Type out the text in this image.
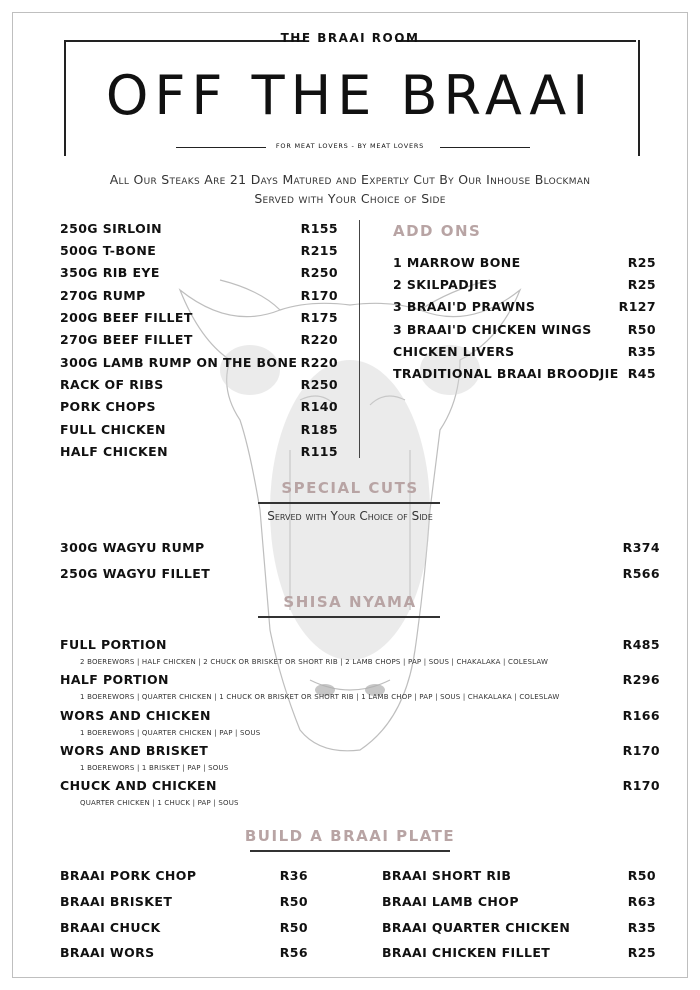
THE BRAAI ROOM
OFF THE BRAAI
FOR MEAT LOVERS - BY MEAT LOVERS
All Our Steaks Are 21 Days Matured and Expertly Cut By Our Inhouse Blockman
Served with Your Choice of Side
250G SIRLOIN	R155
500G T-BONE	R215
350G RIB EYE	R250
270G RUMP	R170
200G BEEF FILLET	R175
270G BEEF FILLET	R220
300G LAMB RUMP ON THE BONE R220
RACK OF RIBS	R250
PORK CHOPS	R140
FULL CHICKEN	R185
HALF CHICKEN	R115
ADD ONS
1 MARROW BONE	R25
2 SKILPADJIES	R25
3 BRAAI'D PRAWNS	R127
3 BRAAI'D CHICKEN WINGS	R50
CHICKEN LIVERS	R35
TRADITIONAL BRAAI BROODJIE R45
SPECIAL CUTS
Served with Your Choice of Side
300G WAGYU RUMP	R374
250G WAGYU FILLET	R566
SHISA NYAMA
FULL PORTION	R485
2 BOEREWORS | HALF CHICKEN | 2 CHUCK OR BRISKET OR SHORT RIB | 2 LAMB CHOPS | PAP | SOUS | CHAKALAKA | COLESLAW
HALF PORTION	R296
1 BOEREWORS | QUARTER CHICKEN | 1 CHUCK OR BRISKET OR SHORT RIB | 1 LAMB CHOP | PAP | SOUS | CHAKALAKA | COLESLAW
WORS AND CHICKEN	R166
1 BOEREWORS | QUARTER CHICKEN | PAP | SOUS
WORS AND BRISKET	R170
1 BOEREWORS | 1 BRISKET | PAP | SOUS
CHUCK AND CHICKEN	R170
QUARTER CHICKEN | 1 CHUCK | PAP | SOUS
BUILD A BRAAI PLATE
BRAAI PORK CHOP	R36
BRAAI BRISKET	R50
BRAAI CHUCK	R50
BRAAI WORS	R56
BRAAI SHORT RIB	R50
BRAAI LAMB CHOP	R63
BRAAI QUARTER CHICKEN	R35
BRAAI CHICKEN FILLET	R25
